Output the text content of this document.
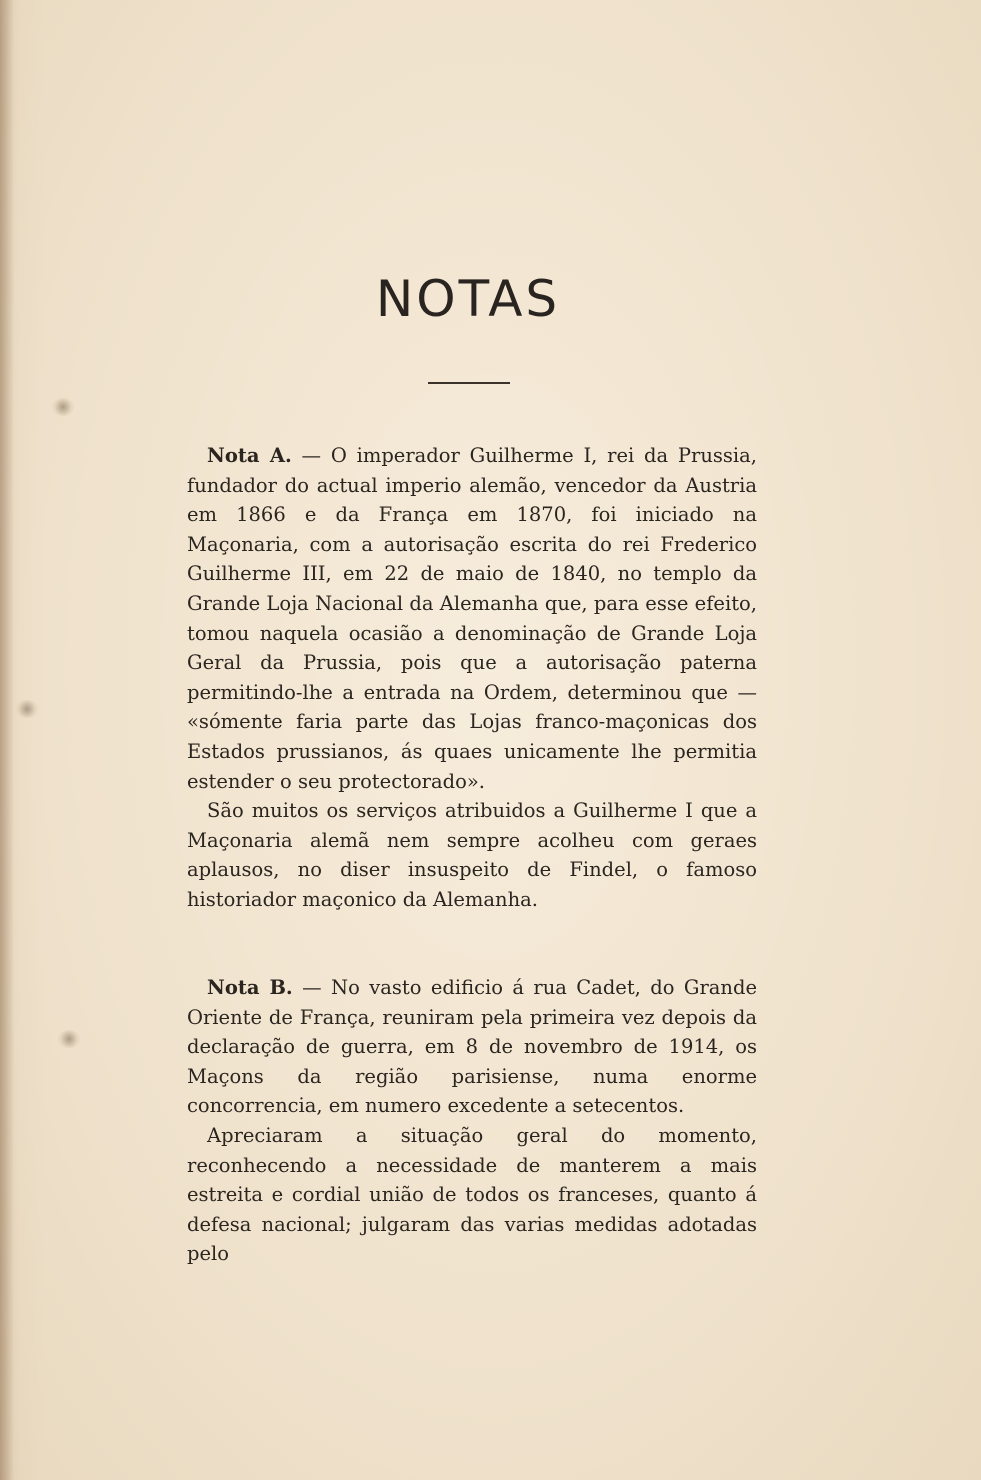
NOTAS

Nota A. — O imperador Guilherme I, rei da Prussia, fundador do actual imperio alemão, vencedor da Austria em 1866 e da França em 1870, foi iniciado na Maçonaria, com a autorisação escrita do rei Frederico Guilherme III, em 22 de maio de 1840, no templo da Grande Loja Nacional da Alemanha que, para esse efeito, tomou naquela ocasião a denominação de Grande Loja Geral da Prussia, pois que a autorisação paterna permitindo-lhe a entrada na Ordem, determinou que — «sómente faria parte das Lojas franco-maçonicas dos Estados prussianos, ás quaes unicamente lhe permitia estender o seu protectorado».

São muitos os serviços atribuidos a Guilherme I que a Maçonaria alemã nem sempre acolheu com geraes aplausos, no diser insuspeito de Findel, o famoso historiador maçonico da Alemanha.

Nota B. — No vasto edificio á rua Cadet, do Grande Oriente de França, reuniram pela primeira vez depois da declaração de guerra, em 8 de novembro de 1914, os Maçons da região parisiense, numa enorme concorrencia, em numero excedente a setecentos.

Apreciaram a situação geral do momento, reconhecendo a necessidade de manterem a mais estreita e cordial união de todos os franceses, quanto á defesa nacional; julgaram das varias medidas adotadas pelo
